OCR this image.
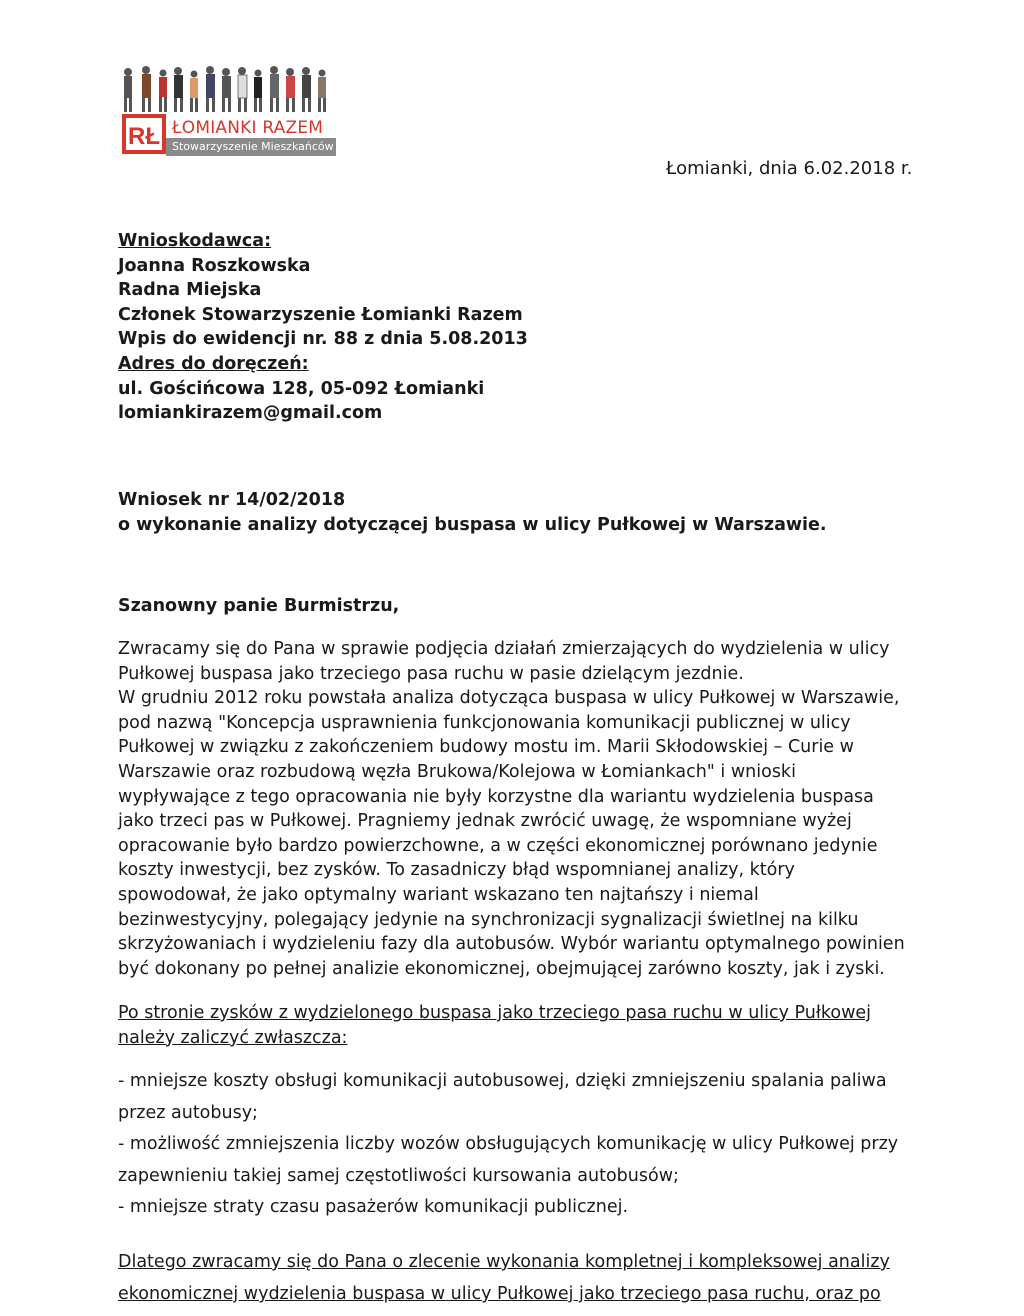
RŁ ŁOMIANKI RAZEM
Stowarzyszenie Mieszkańców
Łomianki, dnia 6.02.2018 r.
Wnioskodawca:
Joanna Roszkowska
Radna Miejska
Członek Stowarzyszenie Łomianki Razem
Wpis do ewidencji nr. 88 z dnia 5.08.2013
Adres do doręczeń:
ul. Gościńcowa 128, 05-092 Łomianki
lomiankirazem@gmail.com
Wniosek nr 14/02/2018
o wykonanie analizy dotyczącej buspasa w ulicy Pułkowej w Warszawie.
Szanowny panie Burmistrzu,
Zwracamy się do Pana w sprawie podjęcia działań zmierzających do wydzielenia w ulicy
Pułkowej buspasa jako trzeciego pasa ruchu w pasie dzielącym jezdnie.
W grudniu 2012 roku powstała analiza dotycząca buspasa w ulicy Pułkowej w Warszawie,
pod nazwą "Koncepcja usprawnienia funkcjonowania komunikacji publicznej w ulicy
Pułkowej w związku z zakończeniem budowy mostu im. Marii Skłodowskiej – Curie w
Warszawie oraz rozbudową węzła Brukowa/Kolejowa w Łomiankach" i wnioski
wypływające z tego opracowania nie były korzystne dla wariantu wydzielenia buspasa
jako trzeci pas w Pułkowej. Pragniemy jednak zwrócić uwagę, że wspomniane wyżej
opracowanie było bardzo powierzchowne, a w części ekonomicznej porównano jedynie
koszty inwestycji, bez zysków. To zasadniczy błąd wspomnianej analizy, który
spowodował, że jako optymalny wariant wskazano ten najtańszy i niemal
bezinwestycyjny, polegający jedynie na synchronizacji sygnalizacji świetlnej na kilku
skrzyżowaniach i wydzieleniu fazy dla autobusów. Wybór wariantu optymalnego powinien
być dokonany po pełnej analizie ekonomicznej, obejmującej zarówno koszty, jak i zyski.
Po stronie zysków z wydzielonego buspasa jako trzeciego pasa ruchu w ulicy Pułkowej
należy zaliczyć zwłaszcza:
- mniejsze koszty obsługi komunikacji autobusowej, dzięki zmniejszeniu spalania paliwa
przez autobusy;
- możliwość zmniejszenia liczby wozów obsługujących komunikację w ulicy Pułkowej przy
zapewnieniu takiej samej częstotliwości kursowania autobusów;
- mniejsze straty czasu pasażerów komunikacji publicznej.
Dlatego zwracamy się do Pana o zlecenie wykonania kompletnej i kompleksowej analizy
ekonomicznej wydzielenia buspasa w ulicy Pułkowej jako trzeciego pasa ruchu, oraz po
